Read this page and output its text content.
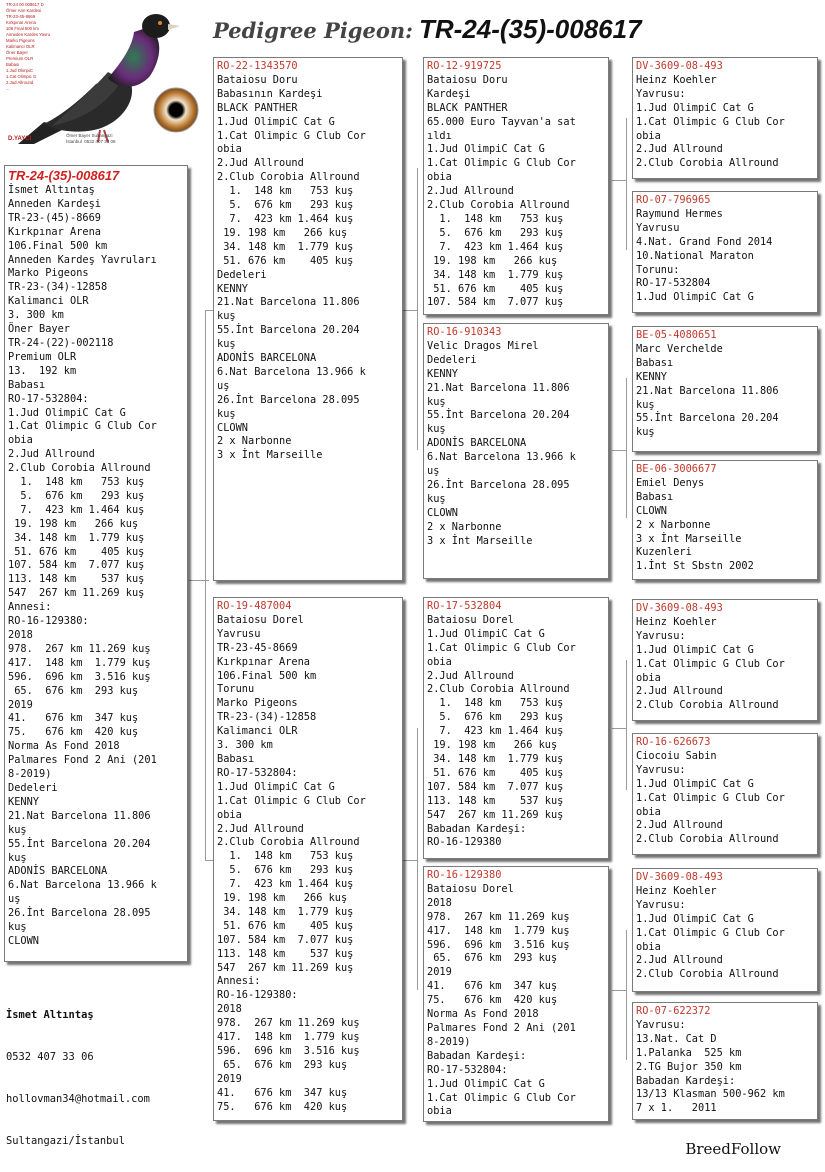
Pedigree Pigeon: TR-24-(35)-008617
TR-24 00 008617 D
Ömer Ann Kardesi
TR-23-45-8669
Kırkpınar Arena
106 Final 500 km
Anneden Kardes Yavru
Marko Pigeons
Kalimanci OLR
Öner Bayer
Premium OLR
Babası
1.Jud OlimpiC
1.Cat Olimpic G
2.Jud Allround
...
D.YAYCI
Ömer Bayer Sultangazi
İstanbul  0532 407 33 06
TR-24-(35)-008617
İsmet Altıntaş
Anneden Kardeşi
TR-23-(45)-8669
Kırkpınar Arena
106.Final 500 km
Anneden Kardeş Yavruları
Marko Pigeons
TR-23-(34)-12858
Kalimanci OLR
3. 300 km
Öner Bayer
TR-24-(22)-002118
Premium OLR
13.  192 km
Babası
RO-17-532804:
1.Jud OlimpiC Cat G
1.Cat Olimpic G Club Cor
obia
2.Jud Allround
2.Club Corobia Allround
1.  148 km   753 kuş
5.  676 km   293 kuş
7.  423 km 1.464 kuş
19. 198 km   266 kuş
34. 148 km  1.779 kuş
51. 676 km    405 kuş
107. 584 km  7.077 kuş
113. 148 km    537 kuş
547  267 km 11.269 kuş
Annesi:
RO-16-129380:
2018
978.  267 km 11.269 kuş
417.  148 km  1.779 kuş
596.  696 km  3.516 kuş
65.  676 km  293 kuş
2019
41.   676 km  347 kuş
75.   676 km  420 kuş
Norma As Fond 2018
Palmares Fond 2 Ani (201
8-2019)
Dedeleri
KENNY
21.Nat Barcelona 11.806
kuş
55.İnt Barcelona 20.204
kuş
ADONİS BARCELONA
6.Nat Barcelona 13.966 k
uş
26.İnt Barcelona 28.095
kuş
CLOWN

İsmet Altıntaş

0532 407 33 06

hollovman34@hotmail.com

Sultangazi/İstanbul

RO-22-1343570
Bataiosu Doru
Babasının Kardeşi
BLACK PANTHER
1.Jud OlimpiC Cat G
1.Cat Olimpic G Club Cor
obia
2.Jud Allround
2.Club Corobia Allround
1.  148 km   753 kuş
5.  676 km   293 kuş
7.  423 km 1.464 kuş
19. 198 km   266 kuş
34. 148 km  1.779 kuş
51. 676 km    405 kuş
Dedeleri
KENNY
21.Nat Barcelona 11.806
kuş
55.İnt Barcelona 20.204
kuş
ADONİS BARCELONA
6.Nat Barcelona 13.966 k
uş
26.İnt Barcelona 28.095
kuş
CLOWN
2 x Narbonne
3 x İnt Marseille
RO-19-487004
Bataiosu Dorel
Yavrusu
TR-23-45-8669
Kırkpınar Arena
106.Final 500 km
Torunu
Marko Pigeons
TR-23-(34)-12858
Kalimanci OLR
3. 300 km
Babası
RO-17-532804:
1.Jud OlimpiC Cat G
1.Cat Olimpic G Club Cor
obia
2.Jud Allround
2.Club Corobia Allround
1.  148 km   753 kuş
5.  676 km   293 kuş
7.  423 km 1.464 kuş
19. 198 km   266 kuş
34. 148 km  1.779 kuş
51. 676 km    405 kuş
107. 584 km  7.077 kuş
113. 148 km    537 kuş
547  267 km 11.269 kuş
Annesi:
RO-16-129380:
2018
978.  267 km 11.269 kuş
417.  148 km  1.779 kuş
596.  696 km  3.516 kuş
65.  676 km  293 kuş
2019
41.   676 km  347 kuş
75.   676 km  420 kuş
RO-12-919725
Bataiosu Doru
Kardeşi
BLACK PANTHER
65.000 Euro Tayvan'a sat
ıldı
1.Jud OlimpiC Cat G
1.Cat Olimpic G Club Cor
obia
2.Jud Allround
2.Club Corobia Allround
1.  148 km   753 kuş
5.  676 km   293 kuş
7.  423 km 1.464 kuş
19. 198 km   266 kuş
34. 148 km  1.779 kuş
51. 676 km    405 kuş
107. 584 km  7.077 kuş
RO-16-910343
Velic Dragos Mirel
Dedeleri
KENNY
21.Nat Barcelona 11.806
kuş
55.İnt Barcelona 20.204
kuş
ADONİS BARCELONA
6.Nat Barcelona 13.966 k
uş
26.İnt Barcelona 28.095
kuş
CLOWN
2 x Narbonne
3 x İnt Marseille
RO-17-532804
Bataiosu Dorel
1.Jud OlimpiC Cat G
1.Cat Olimpic G Club Cor
obia
2.Jud Allround
2.Club Corobia Allround
1.  148 km   753 kuş
5.  676 km   293 kuş
7.  423 km 1.464 kuş
19. 198 km   266 kuş
34. 148 km  1.779 kuş
51. 676 km    405 kuş
107. 584 km  7.077 kuş
113. 148 km    537 kuş
547  267 km 11.269 kuş
Babadan Kardeşi:
RO-16-129380
RO-16-129380
Bataiosu Dorel
2018
978.  267 km 11.269 kuş
417.  148 km  1.779 kuş
596.  696 km  3.516 kuş
65.  676 km  293 kuş
2019
41.   676 km  347 kuş
75.   676 km  420 kuş
Norma As Fond 2018
Palmares Fond 2 Ani (201
8-2019)
Babadan Kardeşi:
RO-17-532804:
1.Jud OlimpiC Cat G
1.Cat Olimpic G Club Cor
obia
DV-3609-08-493
Heinz Koehler
Yavrusu:
1.Jud OlimpiC Cat G
1.Cat Olimpic G Club Cor
obia
2.Jud Allround
2.Club Corobia Allround
RO-07-796965
Raymund Hermes
Yavrusu
4.Nat. Grand Fond 2014
10.National Maraton
Torunu:
RO-17-532804
1.Jud OlimpiC Cat G
BE-05-4080651
Marc Verchelde
Babası
KENNY
21.Nat Barcelona 11.806
kuş
55.İnt Barcelona 20.204
kuş
BE-06-3006677
Emiel Denys
Babası
CLOWN
2 x Narbonne
3 x İnt Marseille
Kuzenleri
1.İnt St Sbstn 2002
DV-3609-08-493
Heinz Koehler
Yavrusu:
1.Jud OlimpiC Cat G
1.Cat Olimpic G Club Cor
obia
2.Jud Allround
2.Club Corobia Allround
RO-16-626673
Ciocoiu Sabin
Yavrusu:
1.Jud OlimpiC Cat G
1.Cat Olimpic G Club Cor
obia
2.Jud Allround
2.Club Corobia Allround
DV-3609-08-493
Heinz Koehler
Yavrusu:
1.Jud OlimpiC Cat G
1.Cat Olimpic G Club Cor
obia
2.Jud Allround
2.Club Corobia Allround
RO-07-622372
Yavrusu:
13.Nat. Cat D
1.Palanka  525 km
2.TG Bujor 350 km
Babadan Kardeşi:
13/13 Klasman 500-962 km
7 x 1.   2011
BreedFollow
